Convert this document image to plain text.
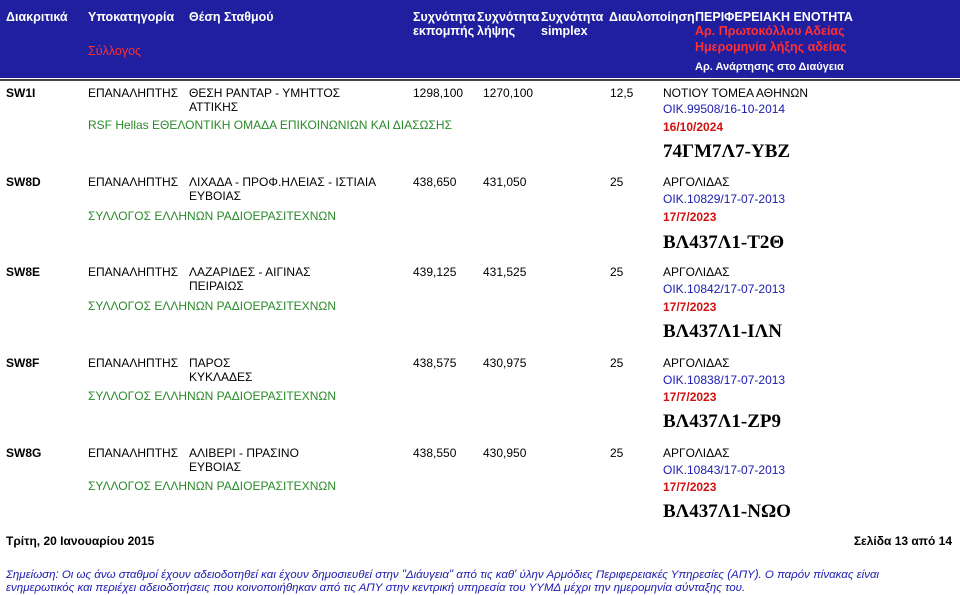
Διακριτικά Υποκατηγορία Θέση Σταθμού	Συχνότητα
εκπομπής
Συχνότητα
λήψης
Συχνότητα
simplex
Διαυλοποίηση ΠΕΡΙΦΕΡΕΙΑΚΗ ΕΝΟΤΗΤΑ
Αρ. Πρωτοκόλλου Αδείας
Σύλλογος	Ημερομηνία λήξης αδείας
Αρ. Ανάρτησης στο Διαύγεια
SW1I	ΕΠΑΝΑΛΗΠΤΗΣ ΘΕΣΗ ΡΑΝΤΑΡ - ΥΜΗΤΤΟΣ
ΑΤΤΙΚΗΣ
1298,100 1270,100	12,5 ΝΟΤΙΟΥ ΤΟΜΕΑ ΑΘΗΝΩΝ
ΟΙΚ.99508/16-10-2014
RSF Hellas ΕΘΕΛΟΝΤΙΚΗ ΟΜΑΔΑ ΕΠΙΚΟΙΝΩΝΙΩΝ ΚΑΙ ΔΙΑΣΩΣΗΣ	16/10/2024
74ΓΜ7Λ7-ΥΒΖ
SW8D	ΕΠΑΝΑΛΗΠΤΗΣ ΛΙΧΑΔΑ - ΠΡΟΦ.ΗΛΕΙΑΣ - ΙΣΤΙΑΙΑ
ΕΥΒΟΙΑΣ
438,650 431,050	25	ΑΡΓΟΛΙΔΑΣ
ΟΙΚ.10829/17-07-2013
ΣΥΛΛΟΓΟΣ ΕΛΛΗΝΩΝ ΡΑΔΙΟΕΡΑΣΙΤΕΧΝΩΝ	17/7/2023
ΒΛ437Λ1-Τ2Θ
SW8E	ΕΠΑΝΑΛΗΠΤΗΣ ΛΑΖΑΡΙΔΕΣ - ΑΙΓΙΝΑΣ
ΠΕΙΡΑΙΩΣ
439,125 431,525	25	ΑΡΓΟΛΙΔΑΣ
ΟΙΚ.10842/17-07-2013
ΣΥΛΛΟΓΟΣ ΕΛΛΗΝΩΝ ΡΑΔΙΟΕΡΑΣΙΤΕΧΝΩΝ	17/7/2023
ΒΛ437Λ1-ΙΛΝ
SW8F	ΕΠΑΝΑΛΗΠΤΗΣ ΠΑΡΟΣ
ΚΥΚΛΑΔΕΣ
438,575 430,975	25	ΑΡΓΟΛΙΔΑΣ
ΟΙΚ.10838/17-07-2013
ΣΥΛΛΟΓΟΣ ΕΛΛΗΝΩΝ ΡΑΔΙΟΕΡΑΣΙΤΕΧΝΩΝ	17/7/2023
ΒΛ437Λ1-ΖΡ9
SW8G	ΕΠΑΝΑΛΗΠΤΗΣ ΑΛΙΒΕΡΙ - ΠΡΑΣΙΝΟ
ΕΥΒΟΙΑΣ
438,550 430,950	25	ΑΡΓΟΛΙΔΑΣ
ΟΙΚ.10843/17-07-2013
ΣΥΛΛΟΓΟΣ ΕΛΛΗΝΩΝ ΡΑΔΙΟΕΡΑΣΙΤΕΧΝΩΝ	17/7/2023
ΒΛ437Λ1-ΝΩΟ
Τρίτη, 20 Ιανουαρίου 2015	Σελίδα 13 από 14
Σημείωση: Οι ως άνω σταθμοί έχουν αδειοδοτηθεί και έχουν δημοσιευθεί στην "Διάυγεια" από τις καθ' ύλην Αρμόδιες Περιφερειακές Υπηρεσίες (ΑΠΥ). Ο παρόν πίνακας είναι
ενημερωτικός και περιέχει αδειοδοτήσεις που κοινοποιήθηκαν από τις ΑΠΥ στην κεντρική υπηρεσία του ΥΥΜΔ μέχρι την ημερομηνία σύνταξης του.
